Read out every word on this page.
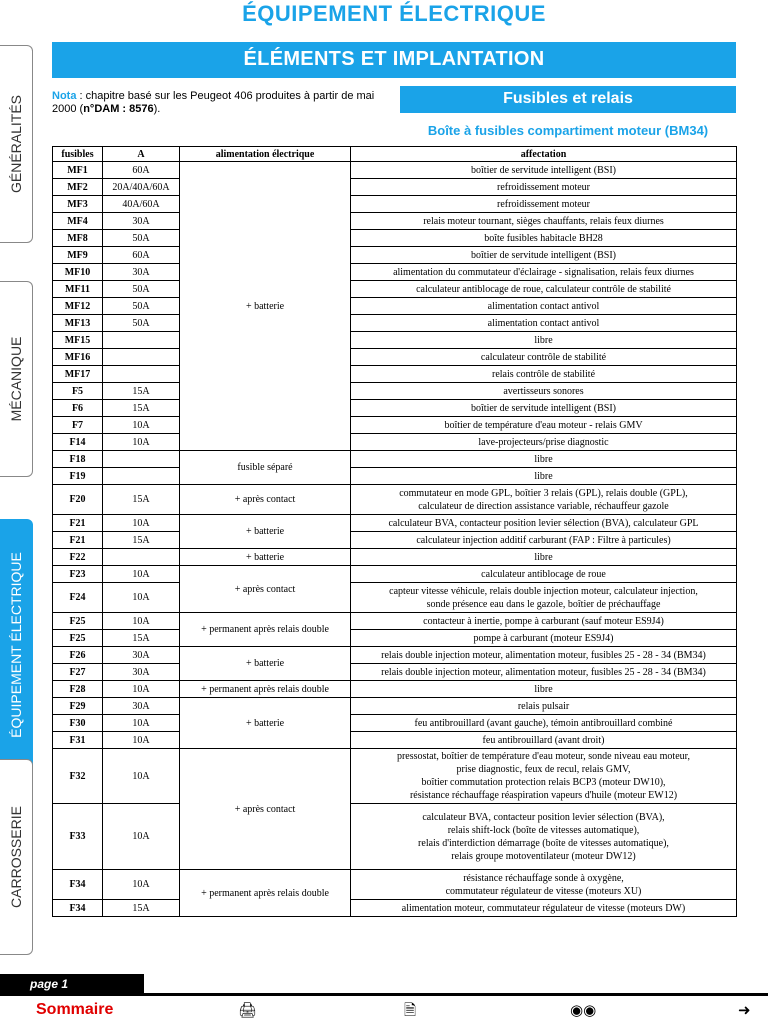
ÉQUIPEMENT ÉLECTRIQUE
ÉLÉMENTS ET IMPLANTATION
Nota : chapitre basé sur les Peugeot 406 produites à partir de mai 2000 (n°DAM : 8576).
Fusibles et relais
Boîte à fusibles compartiment moteur (BM34)
GÉNÉRALITÉS
MÉCANIQUE
ÉQUIPEMENT ÉLECTRIQUE
CARROSSERIE
fusibles	A	alimentation électrique	affectation
MF1	60A	+ batterie	boîtier de servitude intelligent (BSI)
MF2	20A/40A/60A		refroidissement moteur
MF3	40A/60A		refroidissement moteur
MF4	30A		relais moteur tournant, sièges chauffants, relais feux diurnes
MF8	50A		boîte fusibles habitacle BH28
MF9	60A		boîtier de servitude intelligent (BSI)
MF10	30A		alimentation du commutateur d'éclairage - signalisation, relais feux diurnes
MF11	50A		calculateur antiblocage de roue, calculateur contrôle de stabilité
MF12	50A		alimentation contact antivol
MF13	50A		alimentation contact antivol
MF15			libre
MF16			calculateur contrôle de stabilité
MF17			relais contrôle de stabilité
F5	15A		avertisseurs sonores
F6	15A		boîtier de servitude intelligent (BSI)
F7	10A		boîtier de température d'eau moteur - relais GMV
F14	10A		lave-projecteurs/prise diagnostic
F18		fusible séparé	libre
F19			libre
F20	15A	+ après contact	commutateur en mode GPL, boîtier 3 relais (GPL), relais double (GPL),
calculateur de direction assistance variable, réchauffeur gazole
F21	10A	+ batterie	calculateur BVA, contacteur position levier sélection (BVA), calculateur GPL
F21	15A		calculateur injection additif carburant (FAP : Filtre à particules)
F22		+ batterie	libre
F23	10A	+ après contact	calculateur antiblocage de roue
F24	10A		capteur vitesse véhicule, relais double injection moteur, calculateur injection,
sonde présence eau dans le gazole, boîtier de préchauffage
F25	10A	+ permanent après relais double	contacteur à inertie, pompe à carburant (sauf moteur ES9J4)
F25	15A		pompe à carburant (moteur ES9J4)
F26	30A	+ batterie	relais double injection moteur, alimentation moteur, fusibles 25 - 28 - 34 (BM34)
F27	30A		relais double injection moteur, alimentation moteur, fusibles 25 - 28 - 34 (BM34)
F28	10A	+ permanent après relais double	libre
F29	30A	+ batterie	relais pulsair
F30	10A		feu antibrouillard (avant gauche), témoin antibrouillard combiné
F31	10A		feu antibrouillard (avant droit)
F32	10A	+ après contact	pressostat, boîtier de température d'eau moteur, sonde niveau eau moteur,
prise diagnostic, feux de recul, relais GMV,
boîtier commutation protection relais BCP3 (moteur DW10),
résistance réchauffage réaspiration vapeurs d'huile (moteur EW12)
F33	10A		calculateur BVA, contacteur position levier sélection (BVA),
relais shift-lock (boîte de vitesses automatique),
relais d'interdiction démarrage (boîte de vitesses automatique),
relais groupe motoventilateur (moteur DW12)
F34	10A	+ permanent après relais double	résistance réchauffage sonde à oxygène,
commutateur régulateur de vitesse (moteurs XU)
F34	15A		alimentation moteur, commutateur régulateur de vitesse (moteurs DW)
page 1
Sommaire	🖨	🗎	◉◉	➜
